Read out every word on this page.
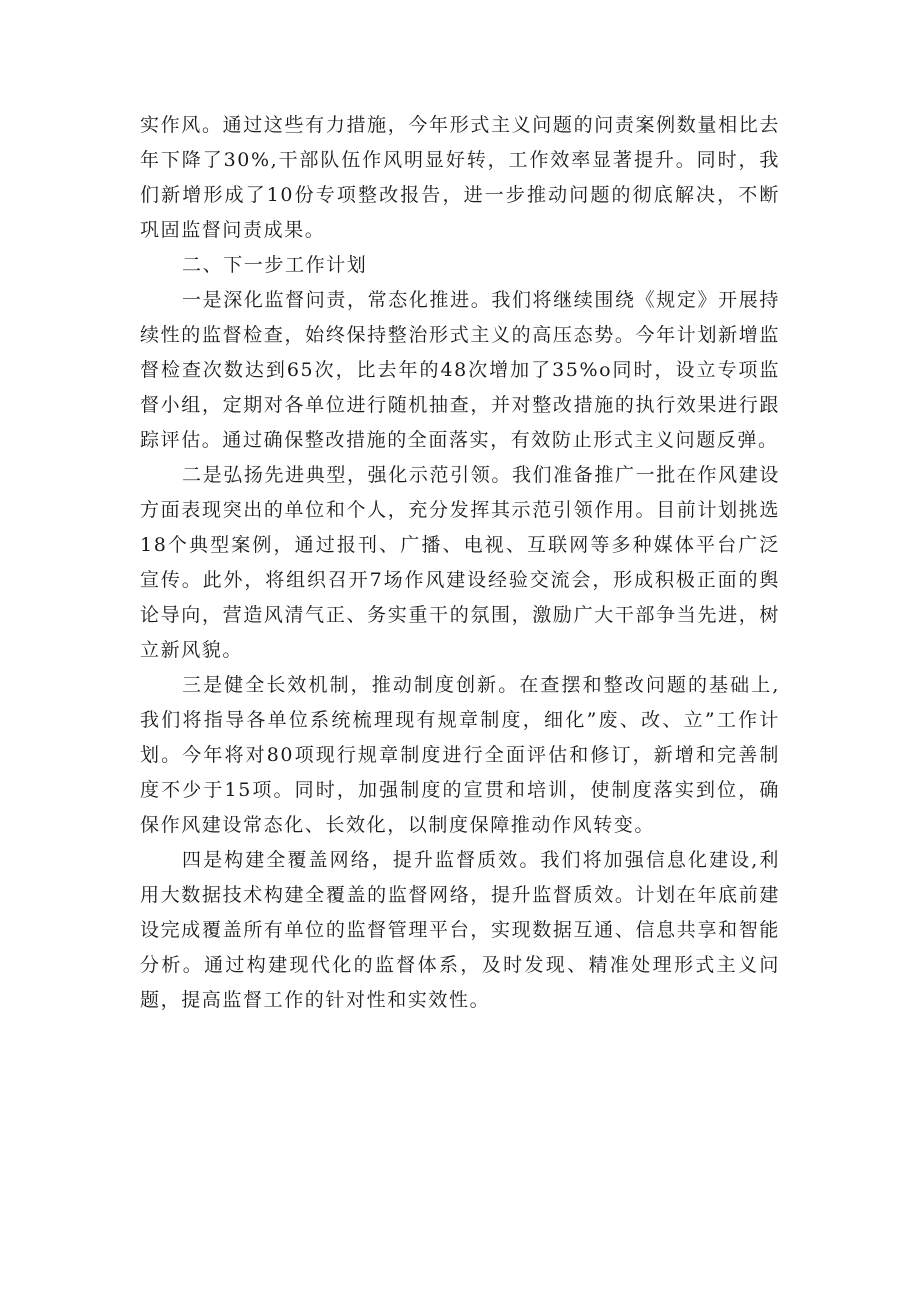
实作风。通过这些有力措施，今年形式主义问题的问责案例数量相比去年下降了30%,干部队伍作风明显好转，工作效率显著提升。同时，我们新增形成了10份专项整改报告，进一步推动问题的彻底解决，不断巩固监督问责成果。

二、下一步工作计划

一是深化监督问责，常态化推进。我们将继续围绕《规定》开展持续性的监督检查，始终保持整治形式主义的高压态势。今年计划新增监督检查次数达到65次，比去年的48次增加了35%o同时，设立专项监督小组，定期对各单位进行随机抽查，并对整改措施的执行效果进行跟踪评估。通过确保整改措施的全面落实，有效防止形式主义问题反弹。

二是弘扬先进典型，强化示范引领。我们准备推广一批在作风建设方面表现突出的单位和个人，充分发挥其示范引领作用。目前计划挑选18个典型案例，通过报刊、广播、电视、互联网等多种媒体平台广泛宣传。此外，将组织召开7场作风建设经验交流会，形成积极正面的舆论导向，营造风清气正、务实重干的氛围，激励广大干部争当先进，树立新风貌。

三是健全长效机制，推动制度创新。在查摆和整改问题的基础上,我们将指导各单位系统梳理现有规章制度，细化”废、改、立”工作计划。今年将对80项现行规章制度进行全面评估和修订，新增和完善制度不少于15项。同时，加强制度的宣贯和培训，使制度落实到位，确保作风建设常态化、长效化，以制度保障推动作风转变。

四是构建全覆盖网络，提升监督质效。我们将加强信息化建设,利用大数据技术构建全覆盖的监督网络，提升监督质效。计划在年底前建设完成覆盖所有单位的监督管理平台，实现数据互通、信息共享和智能分析。通过构建现代化的监督体系，及时发现、精准处理形式主义问题，提高监督工作的针对性和实效性。
